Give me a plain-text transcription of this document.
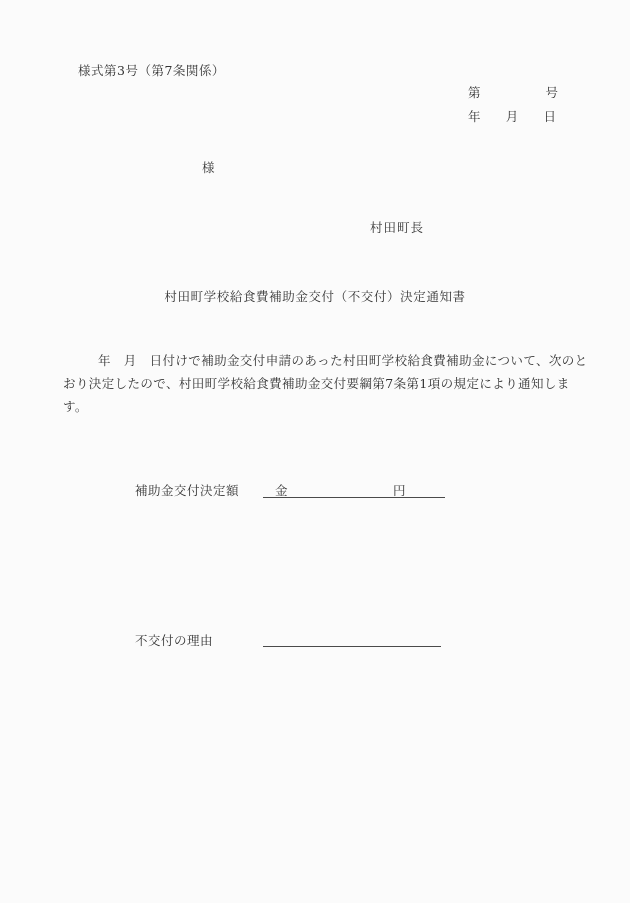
様式第3号（第7条関係）
第	号
年 月 日
様
村田町長
村田町学校給食費補助金交付（不交付）決定通知書
年　月　日付けで補助金交付申請のあった村田町学校給食費補助金について、次のと
おり決定したので、村田町学校給食費補助金交付要綱第7条第1項の規定により通知しま
す。
補助金交付決定額	金	円
不交付の理由
